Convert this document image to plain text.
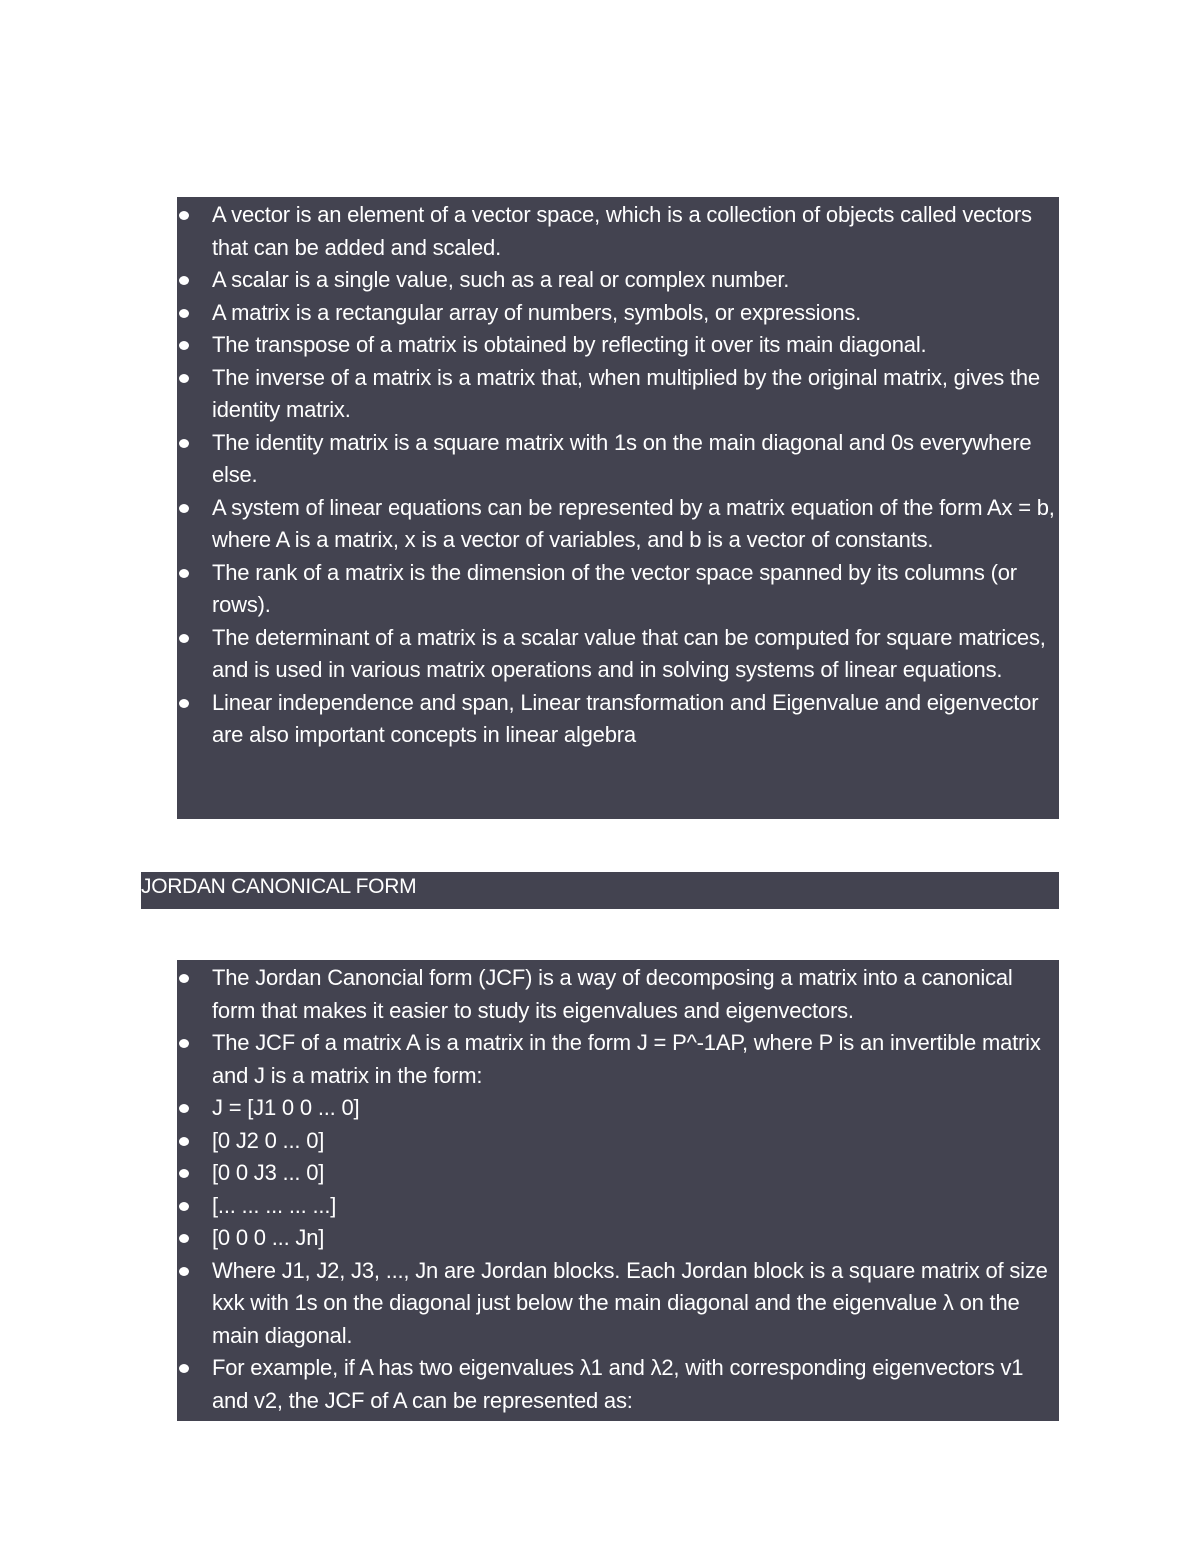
A vector is an element of a vector space, which is a collection of objects called vectors that can be added and scaled.
A scalar is a single value, such as a real or complex number.
A matrix is a rectangular array of numbers, symbols, or expressions.
The transpose of a matrix is obtained by reflecting it over its main diagonal.
The inverse of a matrix is a matrix that, when multiplied by the original matrix, gives the identity matrix.
The identity matrix is a square matrix with 1s on the main diagonal and 0s everywhere else.
A system of linear equations can be represented by a matrix equation of the form Ax = b, where A is a matrix, x is a vector of variables, and b is a vector of constants.
The rank of a matrix is the dimension of the vector space spanned by its columns (or rows).
The determinant of a matrix is a scalar value that can be computed for square matrices, and is used in various matrix operations and in solving systems of linear equations.
Linear independence and span, Linear transformation and Eigenvalue and eigenvector are also important concepts in linear algebra
JORDAN CANONICAL FORM
The Jordan Canoncial form (JCF) is a way of decomposing a matrix into a canonical form that makes it easier to study its eigenvalues and eigenvectors.
The JCF of a matrix A is a matrix in the form J = P^-1AP, where P is an invertible matrix and J is a matrix in the form:
J = [J1 0 0 ... 0]
[0 J2 0 ... 0]
[0 0 J3 ... 0]
[... ... ... ... ...]
[0 0 0 ... Jn]
Where J1, J2, J3, ..., Jn are Jordan blocks. Each Jordan block is a square matrix of size kxk with 1s on the diagonal just below the main diagonal and the eigenvalue λ on the main diagonal.
For example, if A has two eigenvalues λ1 and λ2, with corresponding eigenvectors v1 and v2, the JCF of A can be represented as:
